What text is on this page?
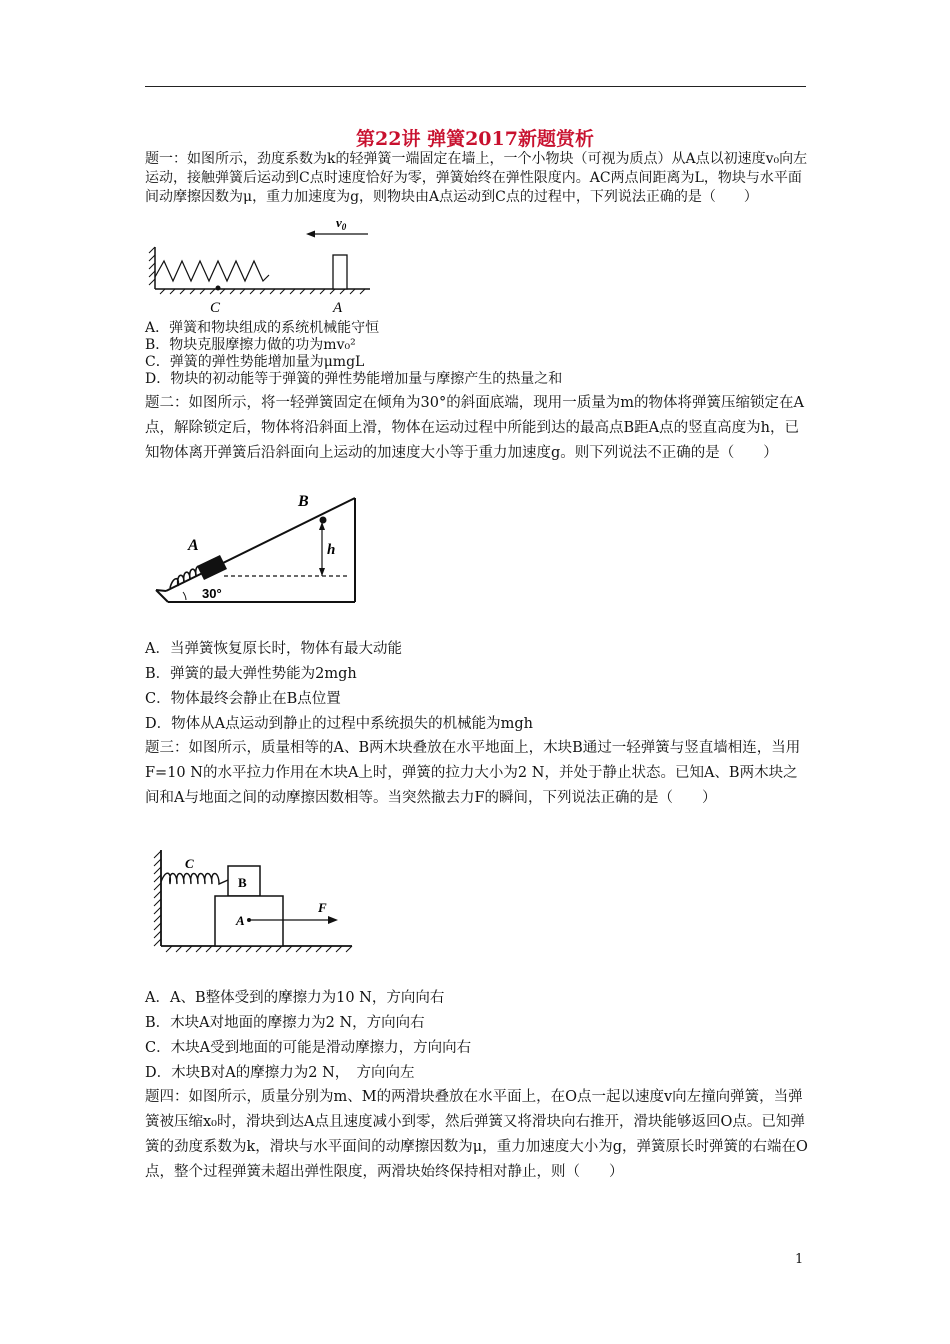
第22讲 弹簧2017新题赏析
题一：如图所示，劲度系数为k的轻弹簧一端固定在墙上，一个小物块（可视为质点）从A点以初速度v₀向左运动，接触弹簧后运动到C点时速度恰好为零，弹簧始终在弹性限度内。AC两点间距离为L，物块与水平面间动摩擦因数为μ，重力加速度为g，则物块由A点运动到C点的过程中，下列说法正确的是（　　）
$v_0$
C	A
A．弹簧和物块组成的系统机械能守恒
B．物块克服摩擦力做的功为mv₀²
C．弹簧的弹性势能增加量为μmgL
D．物块的初动能等于弹簧的弹性势能增加量与摩擦产生的热量之和
题二：如图所示，将一轻弹簧固定在倾角为30°的斜面底端，现用一质量为m的物体将弹簧压缩锁定在A点，解除锁定后，物体将沿斜面上滑，物体在运动过程中所能到达的最高点B距A点的竖直高度为h，已知物体离开弹簧后沿斜面向上运动的加速度大小等于重力加速度g。则下列说法不正确的是（　　）
B
A	h
30°
A．当弹簧恢复原长时，物体有最大动能
B．弹簧的最大弹性势能为2mgh
C．物体最终会静止在B点位置
D．物体从A点运动到静止的过程中系统损失的机械能为mgh
题三：如图所示，质量相等的A、B两木块叠放在水平地面上，木块B通过一轻弹簧与竖直墙相连，当用F=10 N的水平拉力作用在木块A上时，弹簧的拉力大小为2 N，并处于静止状态。已知A、B两木块之间和A与地面之间的动摩擦因数相等。当突然撤去力F的瞬间，下列说法正确的是（　　）
C
B
A
F
A．A、B整体受到的摩擦力为10 N，方向向右
B．木块A对地面的摩擦力为2 N，方向向右
C．木块A受到地面的可能是滑动摩擦力，方向向右
D．木块B对A的摩擦力为2 N，　方向向左
题四：如图所示，质量分别为m、M的两滑块叠放在水平面上，在O点一起以速度v向左撞向弹簧，当弹簧被压缩x₀时，滑块到达A点且速度减小到零，然后弹簧又将滑块向右推开，滑块能够返回O点。已知弹簧的劲度系数为k，滑块与水平面间的动摩擦因数为μ，重力加速度大小为g，弹簧原长时弹簧的右端在O点，整个过程弹簧未超出弹性限度，两滑块始终保持相对静止，则（　　）
1
